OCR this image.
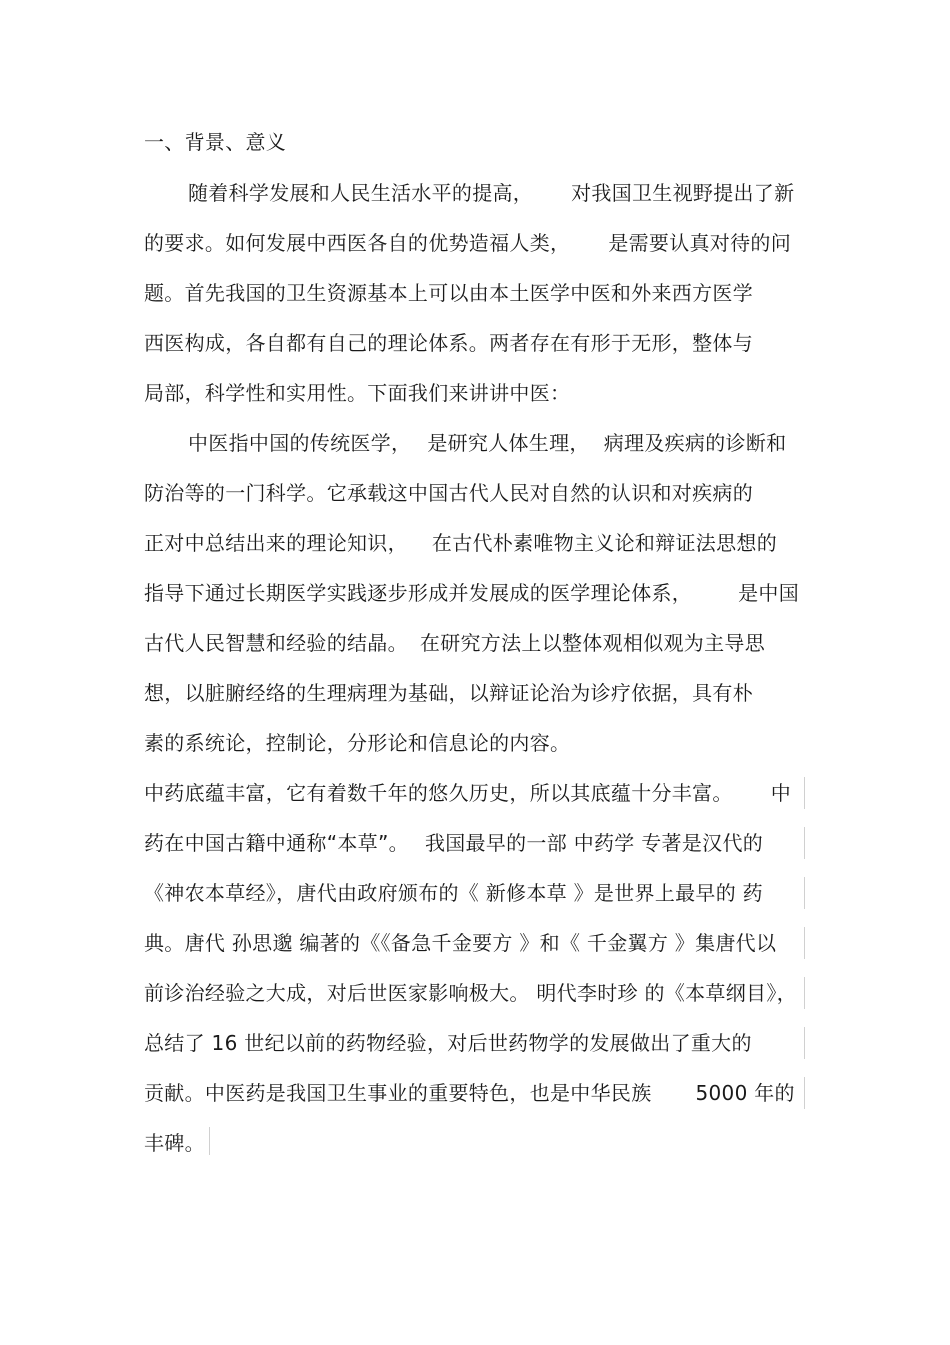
一、背景、意义
随着科学发展和人民生活水平的提高， 对我国卫生视野提出了新
的要求。如何发展中西医各自的优势造福人类， 是需要认真对待的问
题。首先我国的卫生资源基本上可以由本土医学中医和外来西方医学
西医构成，各自都有自己的理论体系。两者存在有形于无形，整体与
局部，科学性和实用性。下面我们来讲讲中医：
中医指中国的传统医学， 是研究人体生理， 病理及疾病的诊断和
防治等的一门科学。它承载这中国古代人民对自然的认识和对疾病的
正对中总结出来的理论知识， 在古代朴素唯物主义论和辩证法思想的
指导下通过长期医学实践逐步形成并发展成的医学理论体系， 是中国
古代人民智慧和经验的结晶。 在研究方法上以整体观相似观为主导思
想，以脏腑经络的生理病理为基础，以辩证论治为诊疗依据，具有朴
素的系统论，控制论，分形论和信息论的内容。
中药底蕴丰富，它有着数千年的悠久历史，所以其底蕴十分丰富。 中
药在中国古籍中通称“本草”。 我国最早的一部 中药学 专著是汉代的
《神农本草经》，唐代由政府颁布的《 新修本草 》是世界上最早的 药
典。唐代 孙思邈 编著的《《备急千金要方 》和《 千金翼方 》集唐代以
前诊治经验之大成，对后世医家影响极大。 明代李时珍 的《本草纲目》，
总结了 16 世纪以前的药物经验，对后世药物学的发展做出了重大的
贡献。中医药是我国卫生事业的重要特色，也是中华民族 5000 年的
丰碑。
